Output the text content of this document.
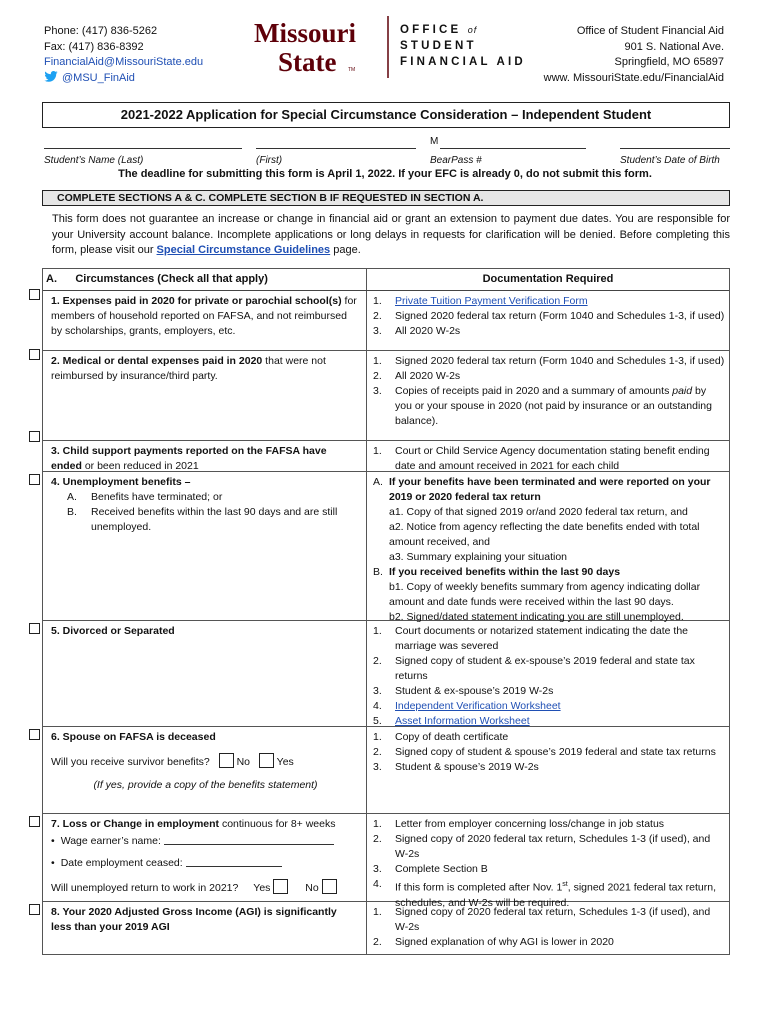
Phone: (417) 836-5262
Fax: (417) 836-8392
FinancialAid@MissouriState.edu
@MSU_FinAid
Missouri
State TM
OFFICE of
STUDENT
FINANCIAL AID
Office of Student Financial Aid
901 S. National Ave.
Springfield, MO 65897
www. MissouriState.edu/FinancialAid
2021-2022 Application for Special Circumstance Consideration – Independent Student
Student’s Name (Last)	(First)
M
BearPass #	Student’s Date of Birth
The deadline for submitting this form is April 1, 2022. If your EFC is already 0, do not submit this form.
COMPLETE SECTIONS A & C. COMPLETE SECTION B IF REQUESTED IN SECTION A.
This form does not guarantee an increase or change in financial aid or grant an extension to payment due dates. You are responsible for your University account balance. Incomplete applications or long delays in requests for clarification will be denied. Before completing this form, please visit our Special Circumstance Guidelines page.
A.      Circumstances (Check all that apply)	Documentation Required
1. Expenses paid in 2020 for private or parochial school(s) for members of household reported on FAFSA, and not reimbursed by scholarships, grants, employers, etc.
1.	Private Tuition Payment Verification Form
2.	Signed 2020 federal tax return (Form 1040 and Schedules 1-3, if used)
3.	All 2020 W-2s
2. Medical or dental expenses paid in 2020 that were not reimbursed by insurance/third party.
1.	Signed 2020 federal tax return (Form 1040 and Schedules 1-3, if used)
2.	All 2020 W-2s
3.	Copies of receipts paid in 2020 and a summary of amounts paid by you or your spouse in 2020 (not paid by insurance or an outstanding balance).
3. Child support payments reported on the FAFSA have ended or been reduced in 2021
1.	Court or Child Service Agency documentation stating benefit ending date and amount received in 2021 for each child
4. Unemployment benefits –
A.	Benefits have terminated; or
B.	Received benefits within the last 90 days and are still unemployed.
A. If your benefits have been terminated and were reported on your 2019 or 2020 federal tax return
a1. Copy of that signed 2019 or/and 2020 federal tax return, and
a2. Notice from agency reflecting the date benefits ended with total amount received, and
a3. Summary explaining your situation
B. If you received benefits within the last 90 days
b1. Copy of weekly benefits summary from agency indicating dollar amount and date funds were received within the last 90 days.
b2. Signed/dated statement indicating you are still unemployed.
5. Divorced or Separated	1.	Court documents or notarized statement indicating the date the marriage was severed
2.	Signed copy of student & ex-spouse’s 2019 federal and state tax returns
3.	Student & ex-spouse’s 2019 W-2s
4.	Independent Verification Worksheet
5.	Asset Information Worksheet
6. Spouse on FAFSA is deceased
Will you receive survivor benefits?	No	Yes
(If yes, provide a copy of the benefits statement)
1.	Copy of death certificate
2.	Signed copy of student & spouse’s 2019 federal and state tax returns
3.	Student & spouse’s 2019 W-2s
7. Loss or Change in employment continuous for 8+ weeks
• Wage earner’s name:
• Date employment ceased:
Will unemployed return to work in 2021? Yes	No
1.	Letter from employer concerning loss/change in job status
2.	Signed copy of 2020 federal tax return, Schedules 1-3 (if used), and W-2s
3.	Complete Section B
4.	If this form is completed after Nov. 1st, signed 2021 federal tax return, schedules, and W-2s will be required.
8. Your 2020 Adjusted Gross Income (AGI) is significantly less than your 2019 AGI
1.	Signed copy of 2020 federal tax return, Schedules 1-3 (if used), and W-2s
2.	Signed explanation of why AGI is lower in 2020
